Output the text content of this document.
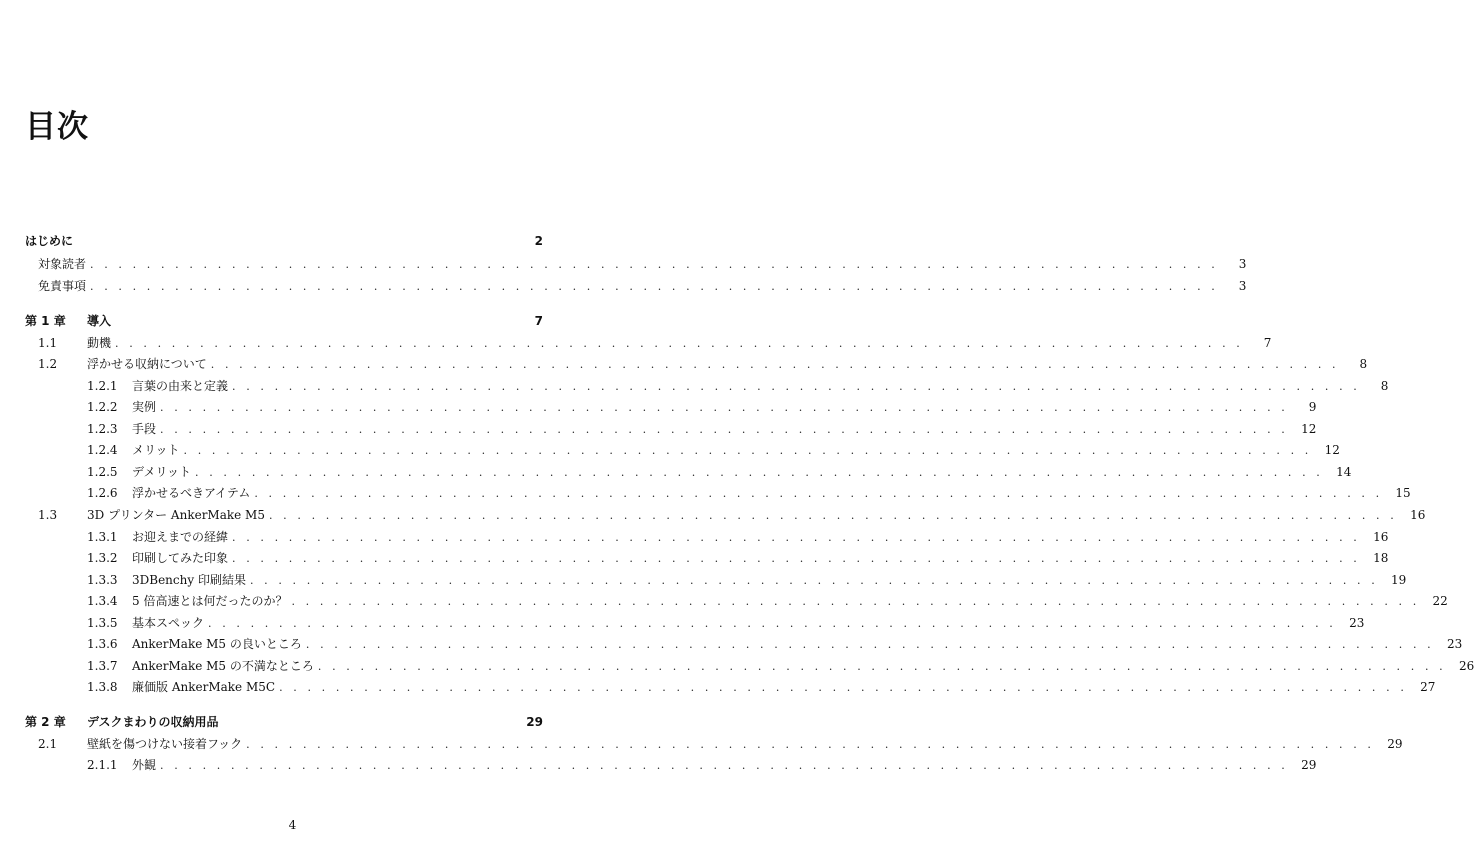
目次
はじめに	2
対象読者 . . . . . . . . . . . . . . . . . . . . . . . . . . . . . . . . . . . . . . . . . . . . . . . . . . . . . . . . . . . . . . . . . . . . . . . . . . . . . . . .	3
免責事項 . . . . . . . . . . . . . . . . . . . . . . . . . . . . . . . . . . . . . . . . . . . . . . . . . . . . . . . . . . . . . . . . . . . . . . . . . . . . . . . .	3
第 1 章	導入	7
1.1	動機 . . . . . . . . . . . . . . . . . . . . . . . . . . . . . . . . . . . . . . . . . . . . . . . . . . . . . . . . . . . . . . . . . . . . . . . . . . . . . . . .	7
1.2	浮かせる収納について . . . . . . . . . . . . . . . . . . . . . . . . . . . . . . . . . . . . . . . . . . . . . . . . . . . . . . . . . . . . . . . . . . . . . . . . . . . . . . . .	8
1.2.1	言葉の由来と定義 . . . . . . . . . . . . . . . . . . . . . . . . . . . . . . . . . . . . . . . . . . . . . . . . . . . . . . . . . . . . . . . . . . . . . . . . . . . . . . . .	8
1.2.2	実例 . . . . . . . . . . . . . . . . . . . . . . . . . . . . . . . . . . . . . . . . . . . . . . . . . . . . . . . . . . . . . . . . . . . . . . . . . . . . . . . .	9
1.2.3	手段 . . . . . . . . . . . . . . . . . . . . . . . . . . . . . . . . . . . . . . . . . . . . . . . . . . . . . . . . . . . . . . . . . . . . . . . . . . . . . . . .	12
1.2.4	メリット . . . . . . . . . . . . . . . . . . . . . . . . . . . . . . . . . . . . . . . . . . . . . . . . . . . . . . . . . . . . . . . . . . . . . . . . . . . . . . . .	12
1.2.5	デメリット . . . . . . . . . . . . . . . . . . . . . . . . . . . . . . . . . . . . . . . . . . . . . . . . . . . . . . . . . . . . . . . . . . . . . . . . . . . . . . . .	14
1.2.6	浮かせるべきアイテム . . . . . . . . . . . . . . . . . . . . . . . . . . . . . . . . . . . . . . . . . . . . . . . . . . . . . . . . . . . . . . . . . . . . . . . . . . . . . . . .	15
1.3	3D プリンター AnkerMake M5 . . . . . . . . . . . . . . . . . . . . . . . . . . . . . . . . . . . . . . . . . . . . . . . . . . . . . . . . . . . . . . . . . . . . . . . . . . . . . . . .	16
1.3.1	お迎えまでの経緯 . . . . . . . . . . . . . . . . . . . . . . . . . . . . . . . . . . . . . . . . . . . . . . . . . . . . . . . . . . . . . . . . . . . . . . . . . . . . . . . .	16
1.3.2	印刷してみた印象 . . . . . . . . . . . . . . . . . . . . . . . . . . . . . . . . . . . . . . . . . . . . . . . . . . . . . . . . . . . . . . . . . . . . . . . . . . . . . . . .	18
1.3.3	3DBenchy 印刷結果 . . . . . . . . . . . . . . . . . . . . . . . . . . . . . . . . . . . . . . . . . . . . . . . . . . . . . . . . . . . . . . . . . . . . . . . . . . . . . . . .	19
1.3.4	5 倍高速とは何だったのか？ . . . . . . . . . . . . . . . . . . . . . . . . . . . . . . . . . . . . . . . . . . . . . . . . . . . . . . . . . . . . . . . . . . . . . . . . . . . . . . . .	22
1.3.5	基本スペック . . . . . . . . . . . . . . . . . . . . . . . . . . . . . . . . . . . . . . . . . . . . . . . . . . . . . . . . . . . . . . . . . . . . . . . . . . . . . . . .	23
1.3.6	AnkerMake M5 の良いところ . . . . . . . . . . . . . . . . . . . . . . . . . . . . . . . . . . . . . . . . . . . . . . . . . . . . . . . . . . . . . . . . . . . . . . . . . . . . . . . .	23
1.3.7	AnkerMake M5 の不満なところ . . . . . . . . . . . . . . . . . . . . . . . . . . . . . . . . . . . . . . . . . . . . . . . . . . . . . . . . . . . . . . . . . . . . . . . . . . . . . . . .	26
1.3.8	廉価版 AnkerMake M5C . . . . . . . . . . . . . . . . . . . . . . . . . . . . . . . . . . . . . . . . . . . . . . . . . . . . . . . . . . . . . . . . . . . . . . . . . . . . . . . .	27
第 2 章	デスクまわりの収納用品	29
2.1	壁紙を傷つけない接着フック . . . . . . . . . . . . . . . . . . . . . . . . . . . . . . . . . . . . . . . . . . . . . . . . . . . . . . . . . . . . . . . . . . . . . . . . . . . . . . . .	29
2.1.1	外観 . . . . . . . . . . . . . . . . . . . . . . . . . . . . . . . . . . . . . . . . . . . . . . . . . . . . . . . . . . . . . . . . . . . . . . . . . . . . . . . .	29
4
